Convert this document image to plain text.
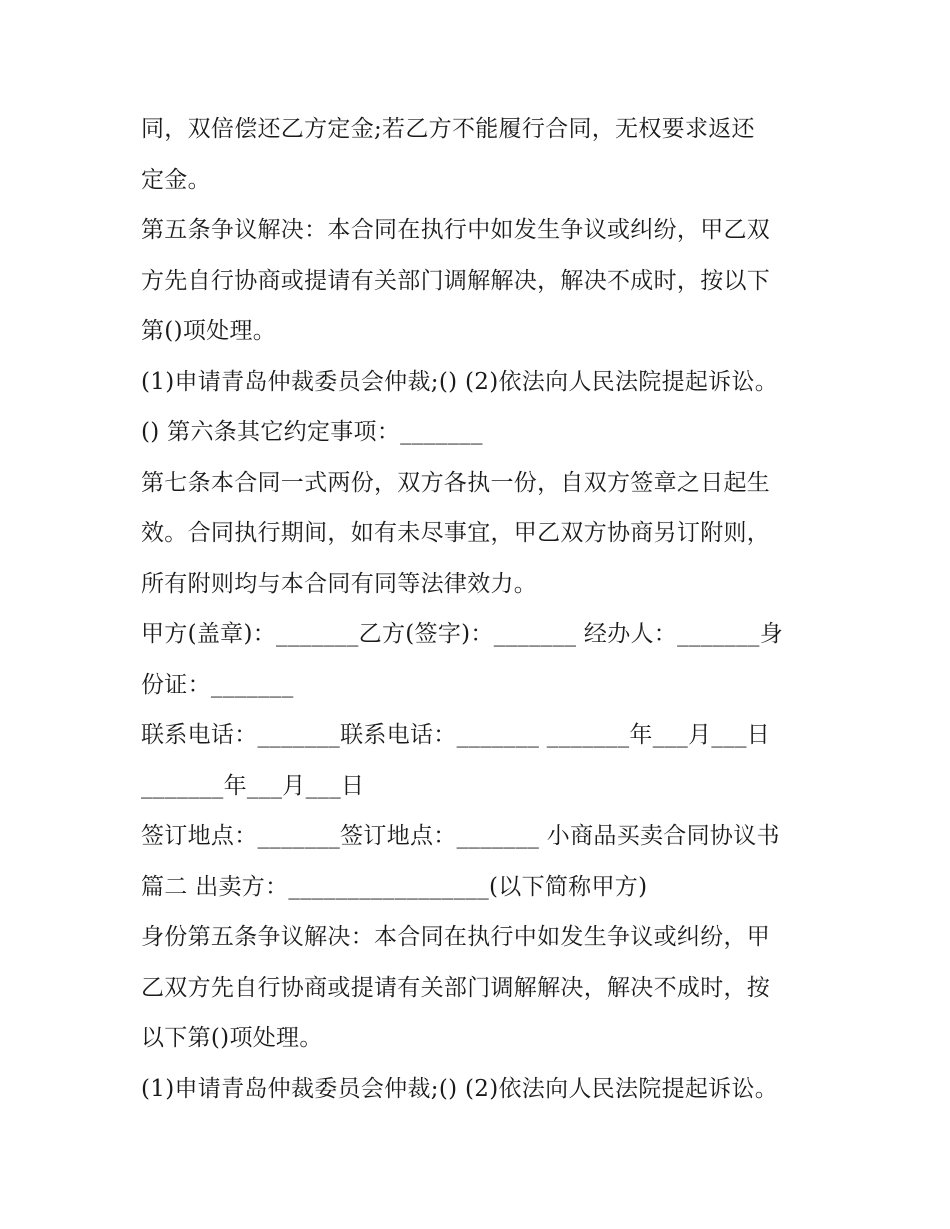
同，双倍偿还乙方定金;若乙方不能履行合同，无权要求返还
定金。
第五条争议解决：本合同在执行中如发生争议或纠纷，甲乙双
方先自行协商或提请有关部门调解解决，解决不成时，按以下
第()项处理。
(1)申请青岛仲裁委员会仲裁;() (2)依法向人民法院提起诉讼。
() 第六条其它约定事项：_______
第七条本合同一式两份，双方各执一份，自双方签章之日起生
效。合同执行期间，如有未尽事宜，甲乙双方协商另订附则，
所有附则均与本合同有同等法律效力。
甲方(盖章)：_______乙方(签字)：_______ 经办人：_______身
份证：_______
联系电话：_______联系电话：_______ _______年___月___日
_______年___月___日
签订地点：_______签订地点：_______ 小商品买卖合同协议书
篇二 出卖方：_________________(以下简称甲方)
身份第五条争议解决：本合同在执行中如发生争议或纠纷，甲
乙双方先自行协商或提请有关部门调解解决，解决不成时，按
以下第()项处理。
(1)申请青岛仲裁委员会仲裁;() (2)依法向人民法院提起诉讼。
